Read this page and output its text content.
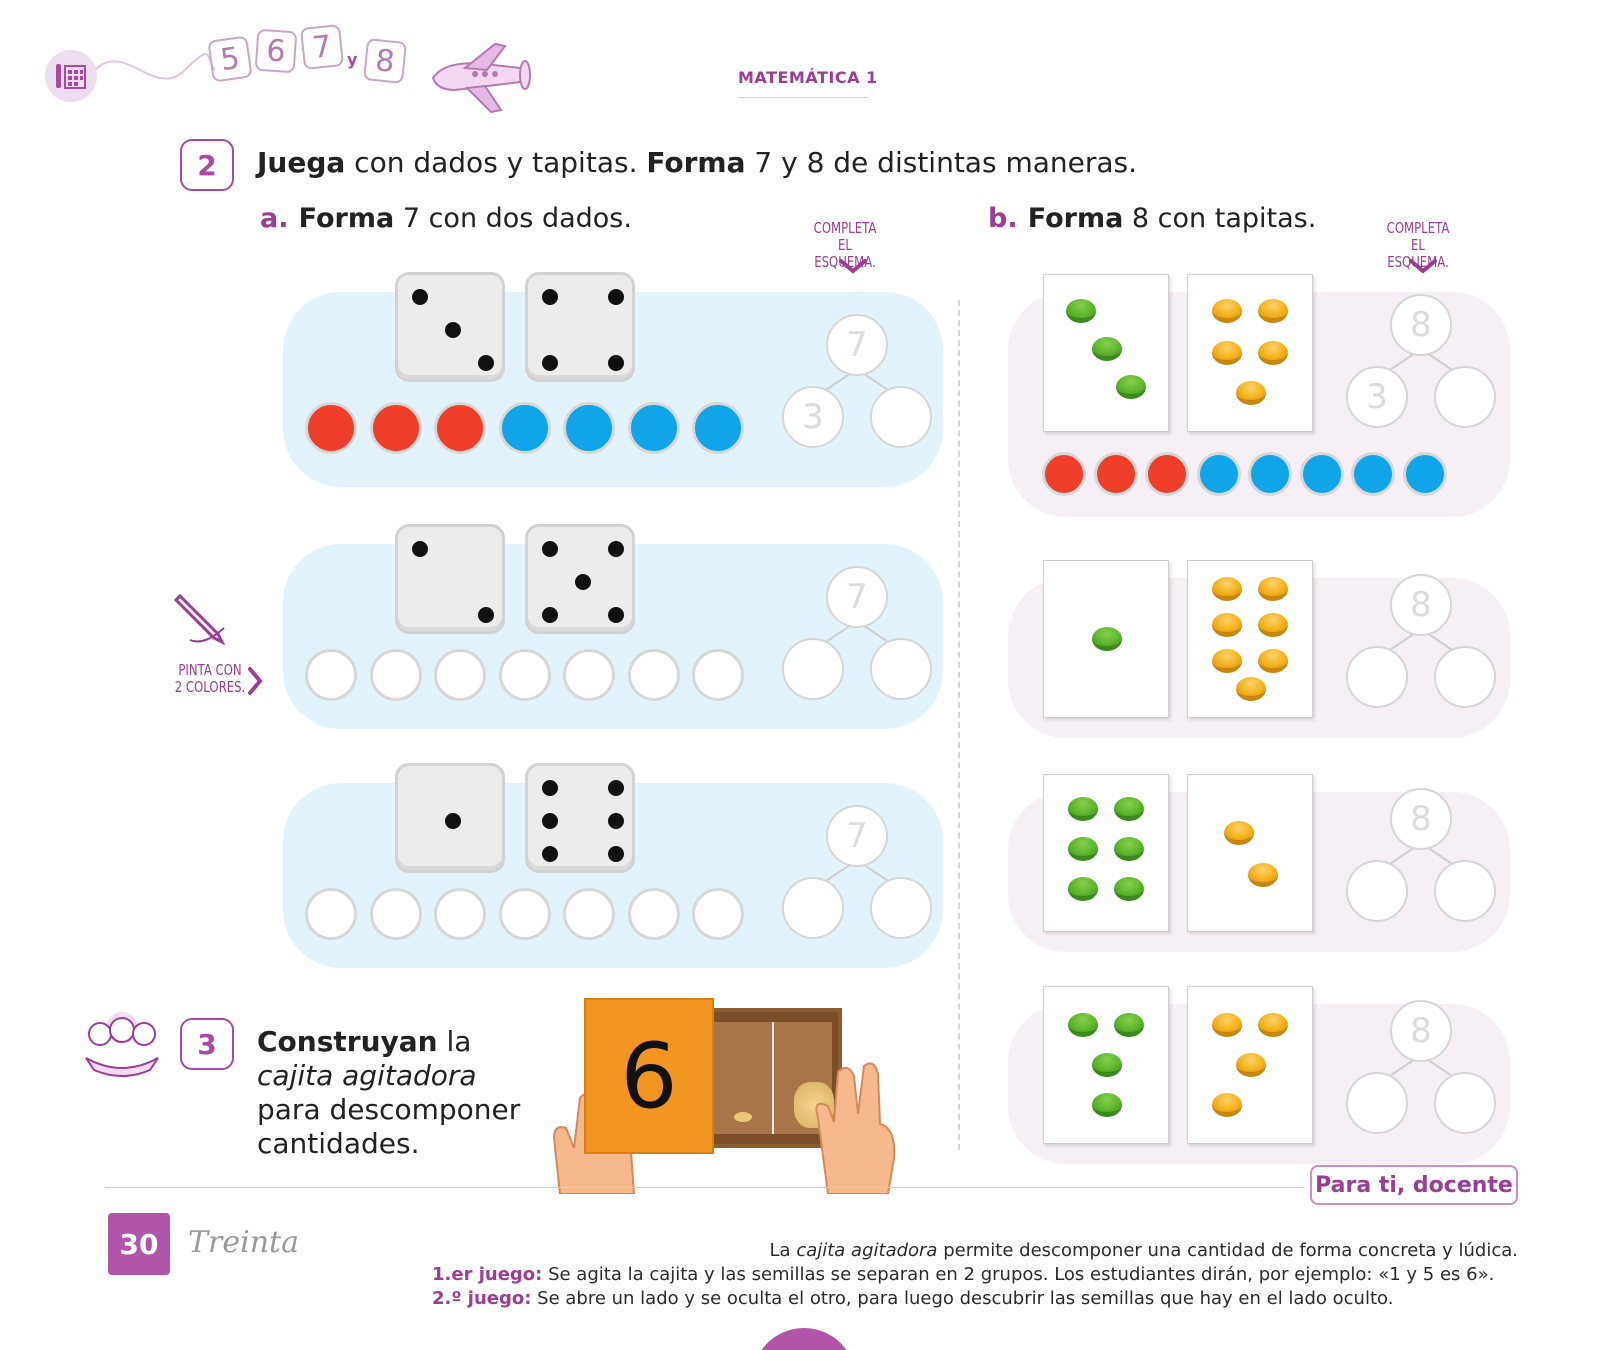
5 6 7 y 8	MATEMÁTICA 1
2	Juega con dados y tapitas. Forma 7 y 8 de distintas maneras.
a. Forma 7 con dos dados.	COMPLETA
EL ESQUEMA.
b. Forma 8 con tapitas.	COMPLETA
EL ESQUEMA.
PINTA CON
2 COLORES.
7
3
7
7
8
3
8
8
8
3	Construyan la
cajita agitadora
para descomponer
cantidades.
6
Para ti, docente
30 Treinta	La cajita agitadora permite descomponer una cantidad de forma concreta y lúdica.
1.er juego: Se agita la cajita y las semillas se separan en 2 grupos. Los estudiantes dirán, por ejemplo: «1 y 5 es 6».
2.º juego: Se abre un lado y se oculta el otro, para luego descubrir las semillas que hay en el lado oculto.
